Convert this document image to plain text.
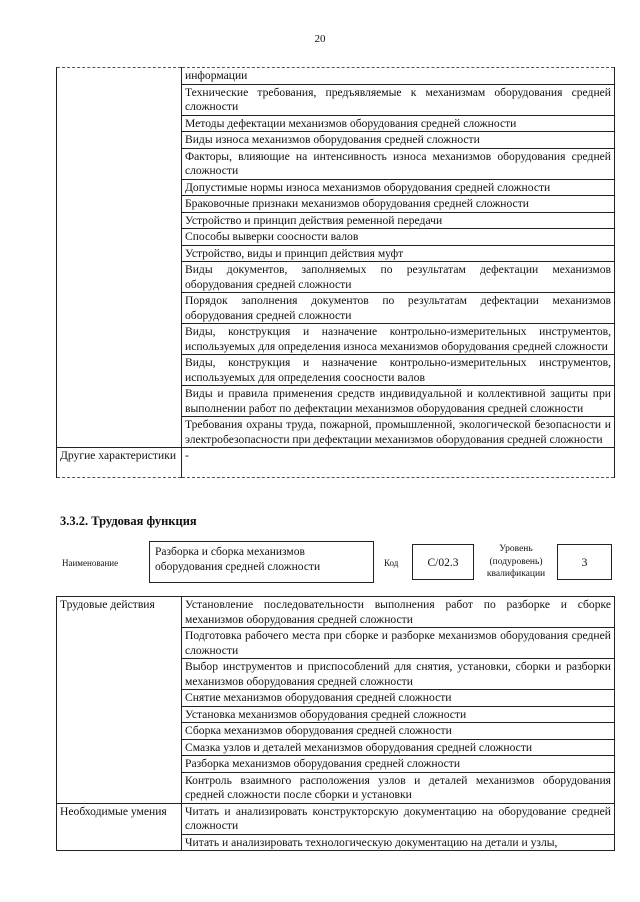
20
	информации
	Технические требования, предъявляемые к механизмам оборудования средней сложности
	Методы дефектации механизмов оборудования средней сложности
	Виды износа механизмов оборудования средней сложности
	Факторы, влияющие на интенсивность износа механизмов оборудования средней сложности
	Допустимые нормы износа механизмов оборудования средней сложности
	Браковочные признаки механизмов оборудования средней сложности
	Устройство и принцип действия ременной передачи
	Способы выверки соосности валов
	Устройство, виды и принцип действия муфт
	Виды документов, заполняемых по результатам дефектации механизмов оборудования средней сложности
	Порядок заполнения документов по результатам дефектации механизмов оборудования средней сложности
	Виды, конструкция и назначение контрольно-измерительных инструментов, используемых для определения износа механизмов оборудования средней сложности
	Виды, конструкция и назначение контрольно-измерительных инструментов, используемых для определения соосности валов
	Виды и правила применения средств индивидуальной и коллективной защиты при выполнении работ по дефектации механизмов оборудования средней сложности
	Требования охраны труда, пожарной, промышленной, экологической безопасности и электробезопасности при дефектации механизмов оборудования средней сложности
Другие характеристики	-
3.3.2. Трудовая функция
Наименование
Разборка и сборка механизмов оборудования средней сложности	Код	С/02.3
Уровень (подуровень) квалификации
3
Трудовые действия	Установление последовательности выполнения работ по разборке и сборке механизмов оборудования средней сложности
	Подготовка рабочего места при сборке и разборке механизмов оборудования средней сложности
	Выбор инструментов и приспособлений для снятия, установки, сборки и разборки механизмов оборудования средней сложности
	Снятие механизмов оборудования средней сложности
	Установка механизмов оборудования средней сложности
	Сборка механизмов оборудования средней сложности
	Смазка узлов и деталей механизмов оборудования средней сложности
	Разборка механизмов оборудования средней сложности
	Контроль взаимного расположения узлов и деталей механизмов оборудования средней сложности после сборки и установки
Необходимые умения	Читать и анализировать конструкторскую документацию на оборудование средней сложности
	Читать и анализировать технологическую документацию на детали и узлы,
